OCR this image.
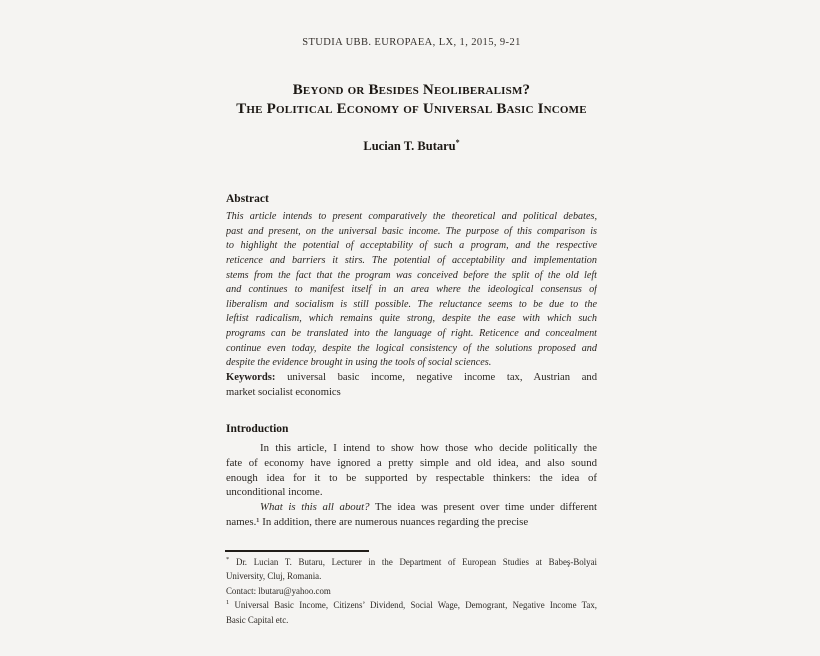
STUDIA UBB. EUROPAEA, LX, 1, 2015, 9-21
Beyond or Besides Neoliberalism?
The Political Economy of Universal Basic Income
Lucian T. Butaru*
Abstract
This article intends to present comparatively the theoretical and political debates,
past and present, on the universal basic income. The purpose of this comparison is
to highlight the potential of acceptability of such a program, and the respective
reticence and barriers it stirs. The potential of acceptability and implementation
stems from the fact that the program was conceived before the split of the old left
and continues to manifest itself in an area where the ideological consensus of
liberalism and socialism is still possible. The reluctance seems to be due to the
leftist radicalism, which remains quite strong, despite the ease with which such
programs can be translated into the language of right. Reticence and concealment
continue even today, despite the logical consistency of the solutions proposed and
despite the evidence brought in using the tools of social sciences.
Keywords: universal basic income, negative income tax, Austrian and
market socialist economics
Introduction
In this article, I intend to show how those who decide politically the
fate of economy have ignored a pretty simple and old idea, and also sound
enough idea for it to be supported by respectable thinkers: the idea of
unconditional income.
What is this all about? The idea was present over time under different
names.¹ In addition, there are numerous nuances regarding the precise
* Dr. Lucian T. Butaru, Lecturer in the Department of European Studies at Babeş-Bolyai
University, Cluj, Romania.
Contact: lbutaru@yahoo.com
$^1$ Universal Basic Income, Citizens’ Dividend, Social Wage, Demogrant, Negative Income Tax,
Basic Capital etc.
